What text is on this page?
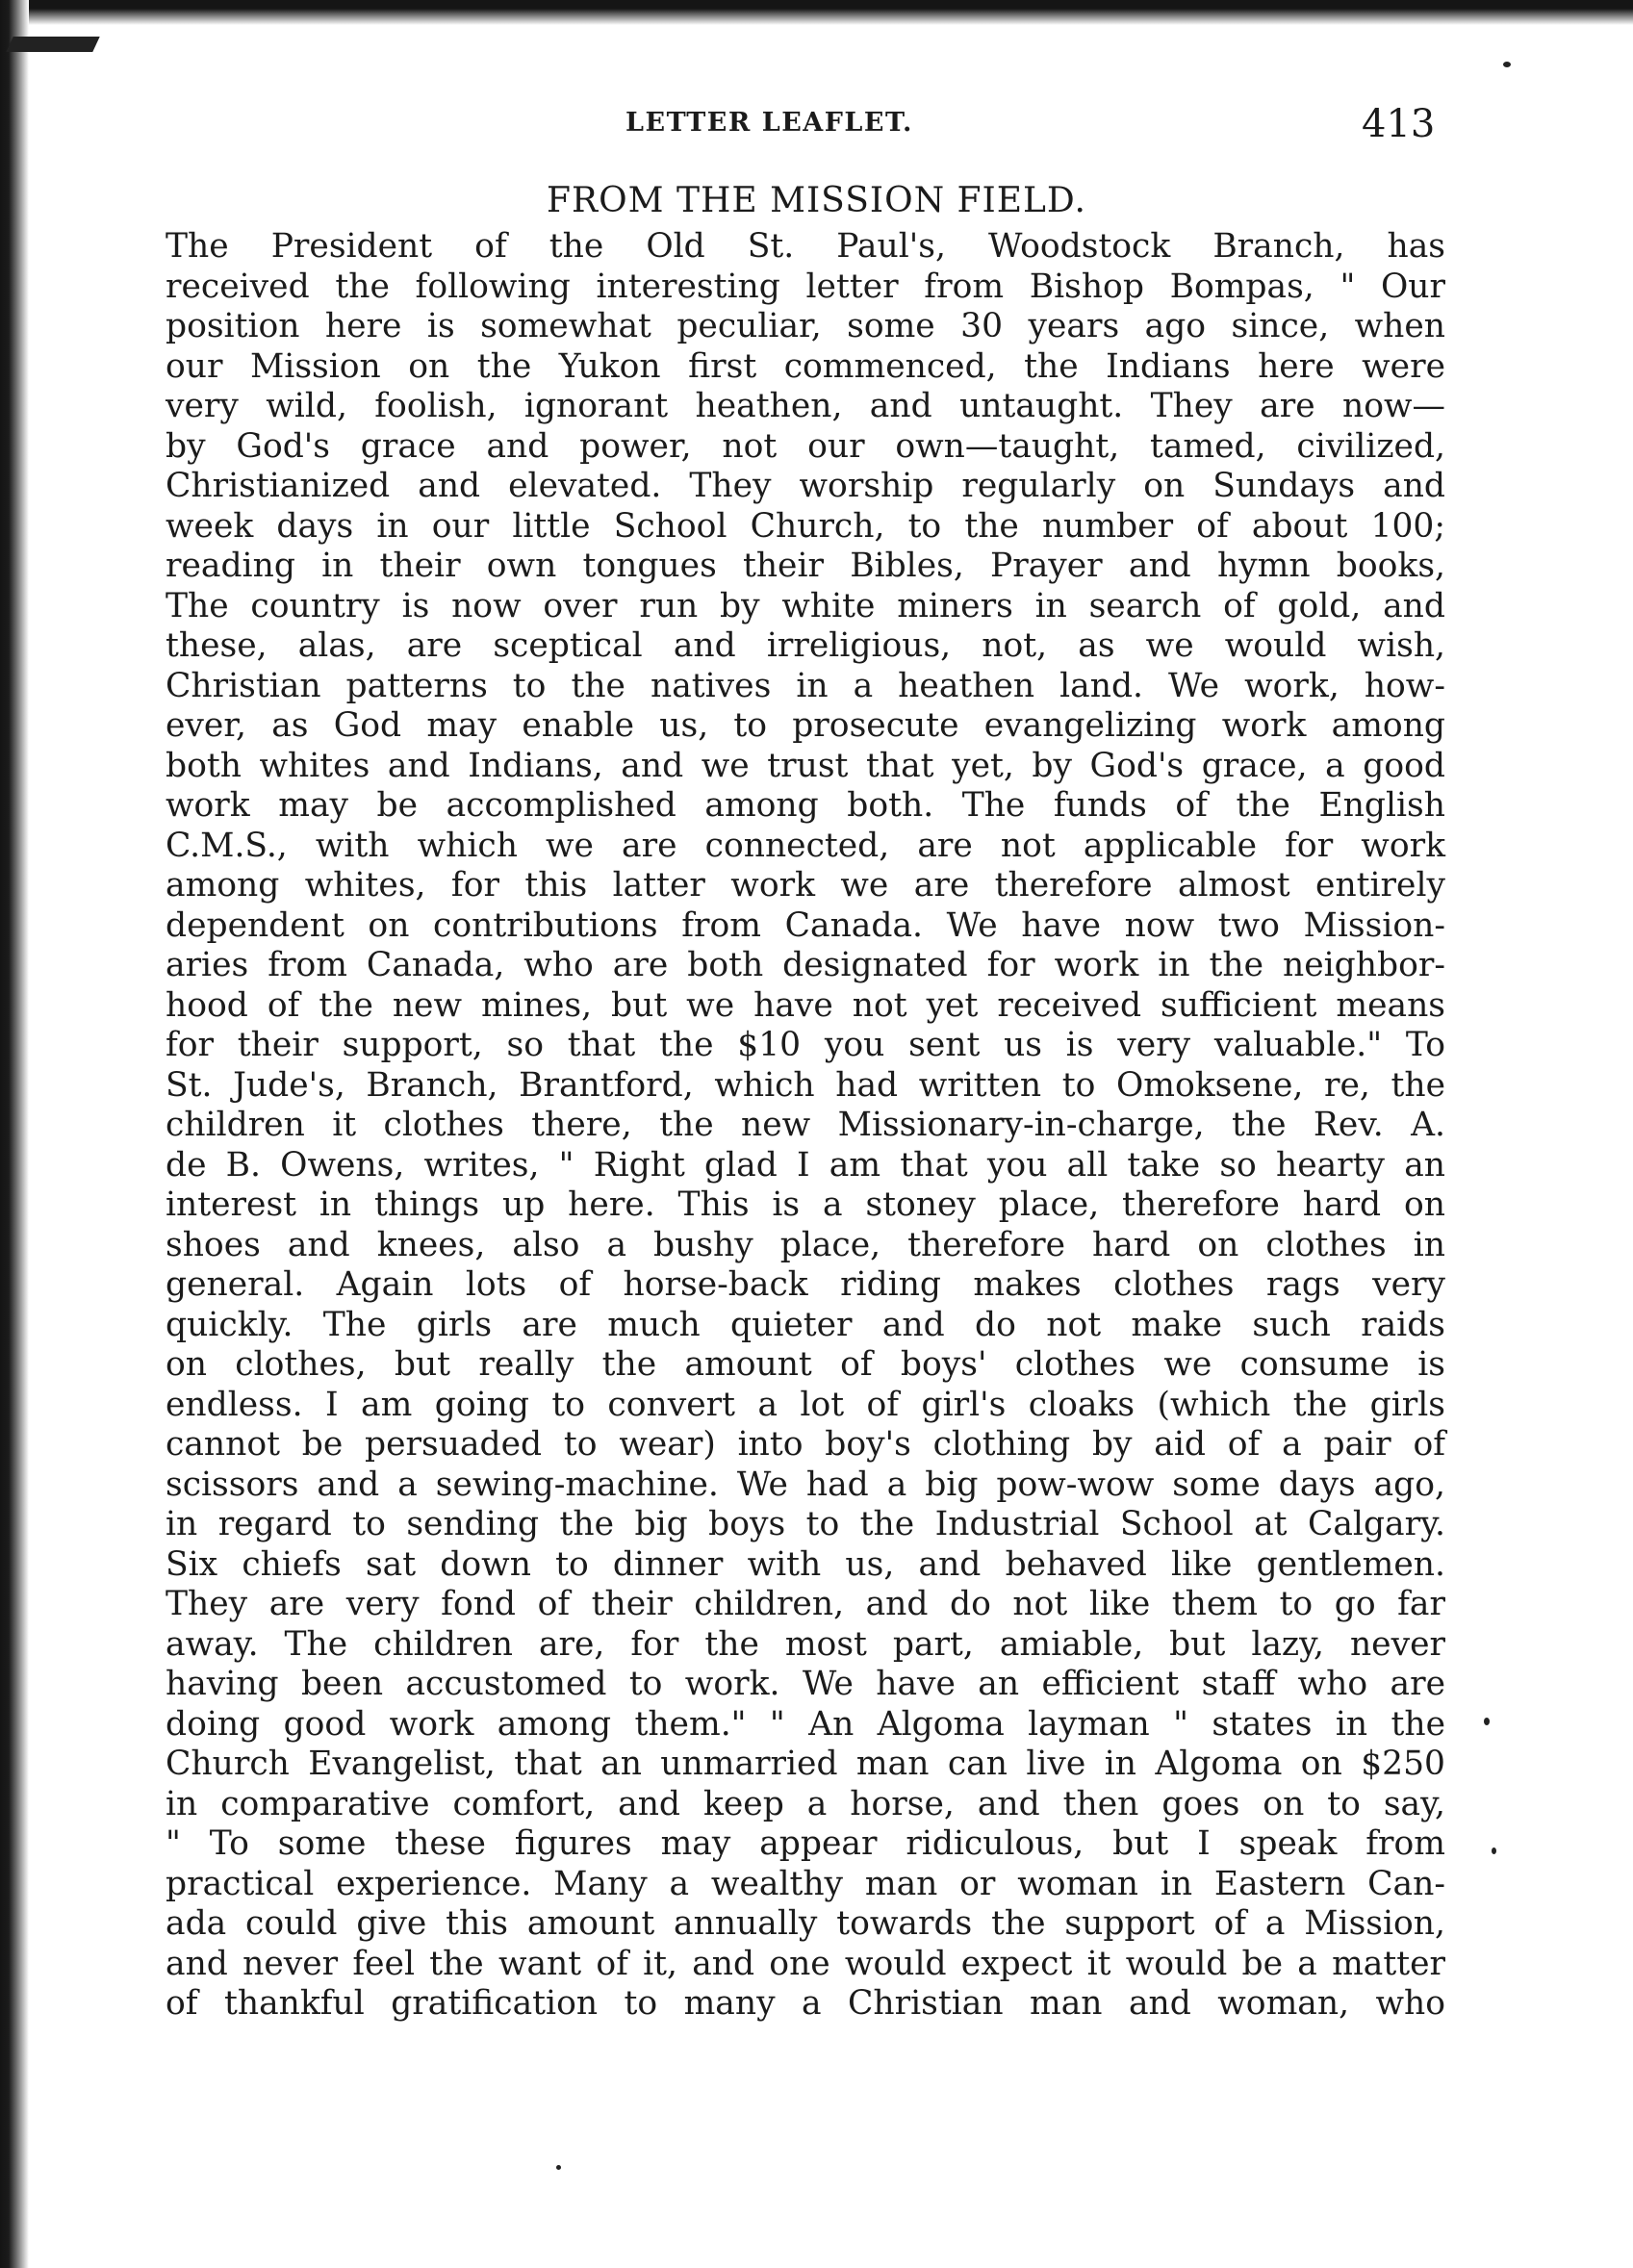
LETTER LEAFLET.	413
FROM THE MISSION FIELD.
The President of the Old St. Paul's, Woodstock Branch, has
received the following interesting letter from Bishop Bompas, " Our
position here is somewhat peculiar, some 30 years ago since, when
our Mission on the Yukon first commenced, the Indians here were
very wild, foolish, ignorant heathen, and untaught. They are now—
by God's grace and power, not our own—taught, tamed, civilized,
Christianized and elevated. They worship regularly on Sundays and
week days in our little School Church, to the number of about 100;
reading in their own tongues their Bibles, Prayer and hymn books,
The country is now over run by white miners in search of gold, and
these, alas, are sceptical and irreligious, not, as we would wish,
Christian patterns to the natives in a heathen land. We work, how-
ever, as God may enable us, to prosecute evangelizing work among
both whites and Indians, and we trust that yet, by God's grace, a good
work may be accomplished among both. The funds of the English
C.M.S., with which we are connected, are not applicable for work
among whites, for this latter work we are therefore almost entirely
dependent on contributions from Canada. We have now two Mission-
aries from Canada, who are both designated for work in the neighbor-
hood of the new mines, but we have not yet received sufficient means
for their support, so that the $10 you sent us is very valuable." To
St. Jude's, Branch, Brantford, which had written to Omoksene, re, the
children it clothes there, the new Missionary-in-charge, the Rev. A.
de B. Owens, writes, " Right glad I am that you all take so hearty an
interest in things up here. This is a stoney place, therefore hard on
shoes and knees, also a bushy place, therefore hard on clothes in
general. Again lots of horse-back riding makes clothes rags very
quickly. The girls are much quieter and do not make such raids
on clothes, but really the amount of boys' clothes we consume is
endless. I am going to convert a lot of girl's cloaks (which the girls
cannot be persuaded to wear) into boy's clothing by aid of a pair of
scissors and a sewing-machine. We had a big pow-wow some days ago,
in regard to sending the big boys to the Industrial School at Calgary.
Six chiefs sat down to dinner with us, and behaved like gentlemen.
They are very fond of their children, and do not like them to go far
away. The children are, for the most part, amiable, but lazy, never
having been accustomed to work. We have an efficient staff who are
doing good work among them." " An Algoma layman " states in the
Church Evangelist, that an unmarried man can live in Algoma on $250
in comparative comfort, and keep a horse, and then goes on to say,
" To some these figures may appear ridiculous, but I speak from
practical experience. Many a wealthy man or woman in Eastern Can-
ada could give this amount annually towards the support of a Mission,
and never feel the want of it, and one would expect it would be a matter
of thankful gratification to many a Christian man and woman, who
